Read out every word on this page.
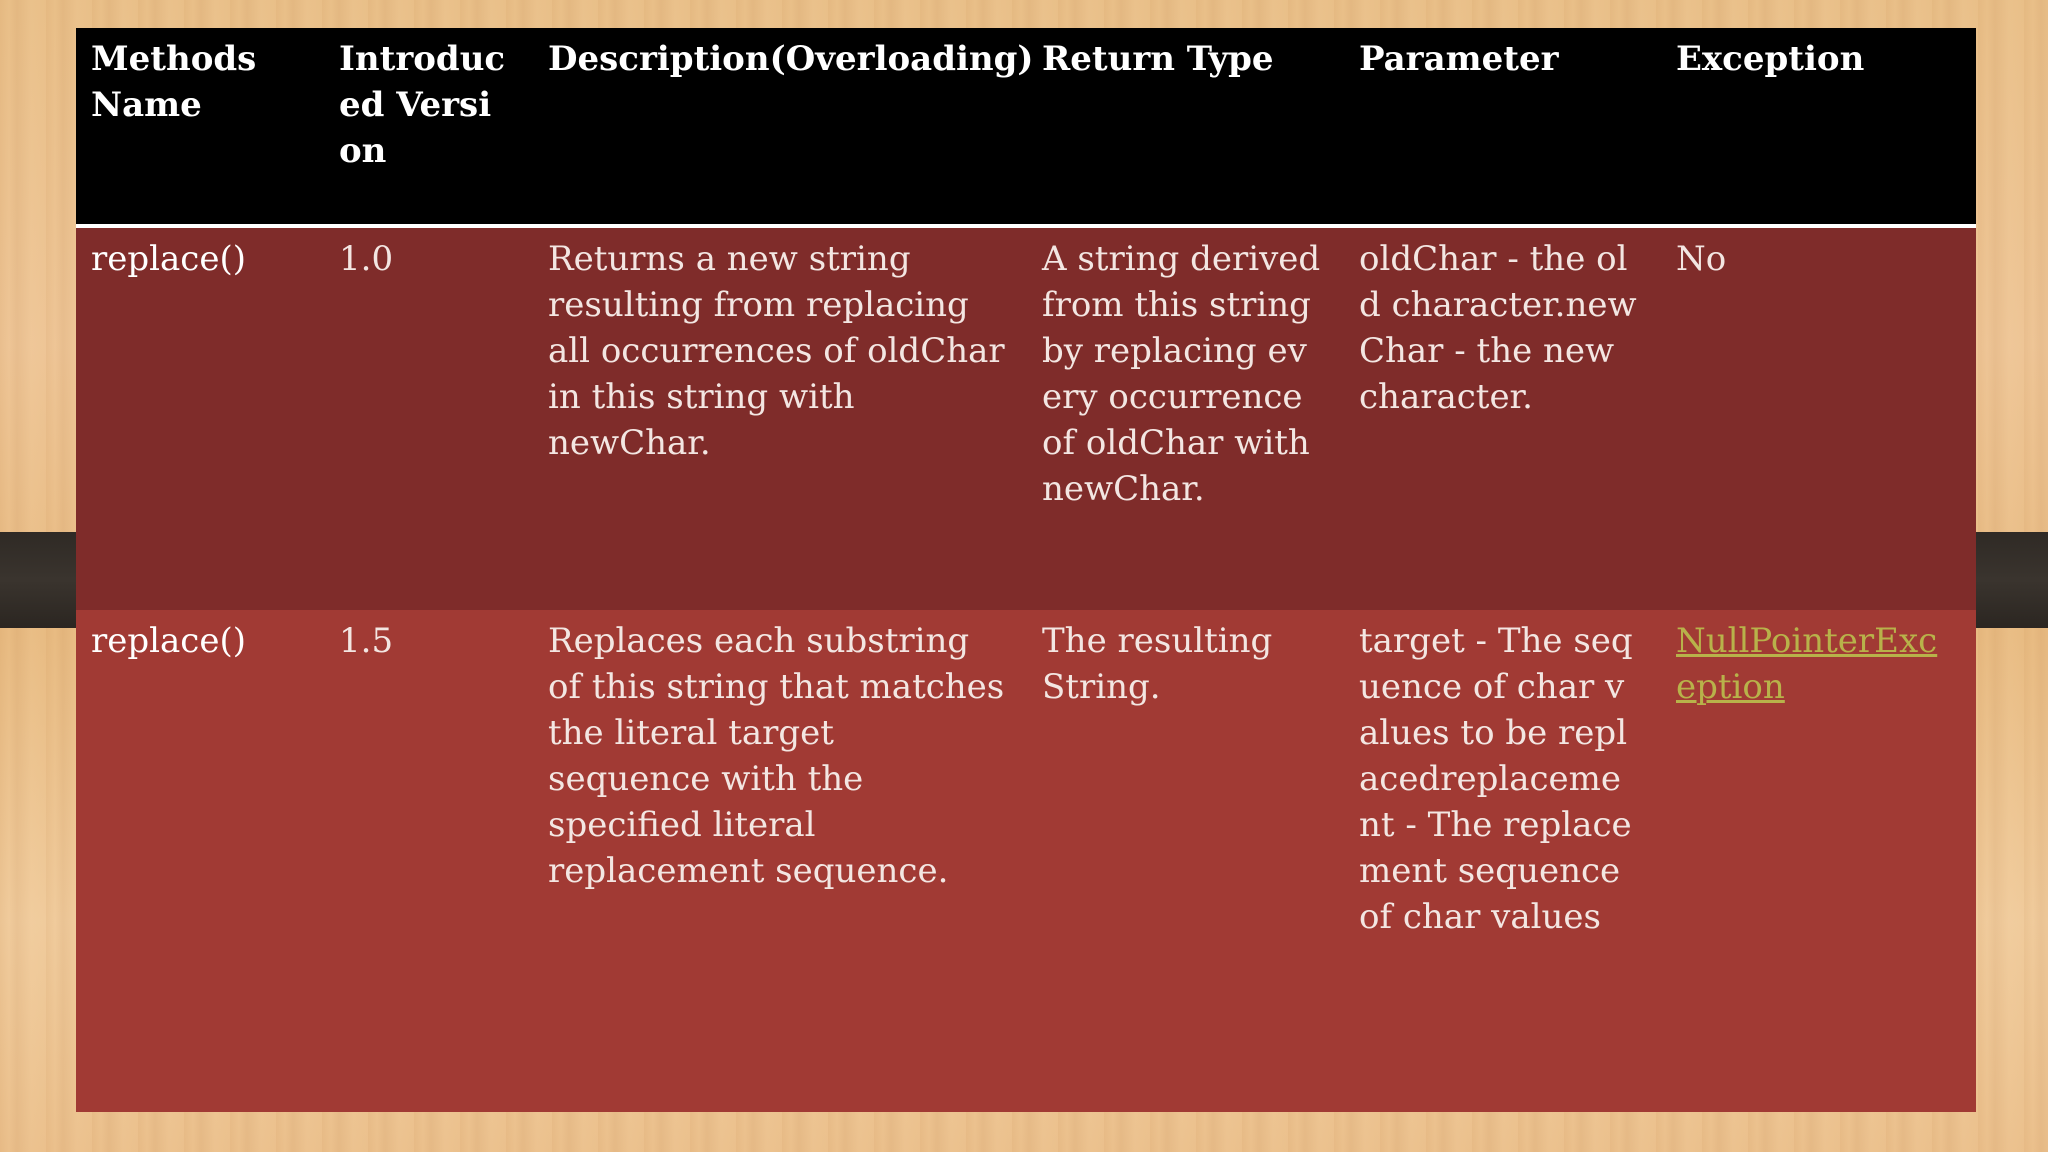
Methods Name	Introduced Version	Description(Overloading)	Return Type	Parameter	Exception
replace()	1.0	Returns a new string resulting from replacing all occurrences of oldChar in this string with newChar.	A string derived from this string by replacing every occurrence of oldChar with newChar.	oldChar - the old character.newChar - the new character.	No
replace()	1.5	Replaces each substring of this string that matches the literal target sequence with the specified literal replacement sequence.	The resulting String.	target - The sequence of char values to be replacedreplacement - The replacement sequence of char values	NullPointerException
